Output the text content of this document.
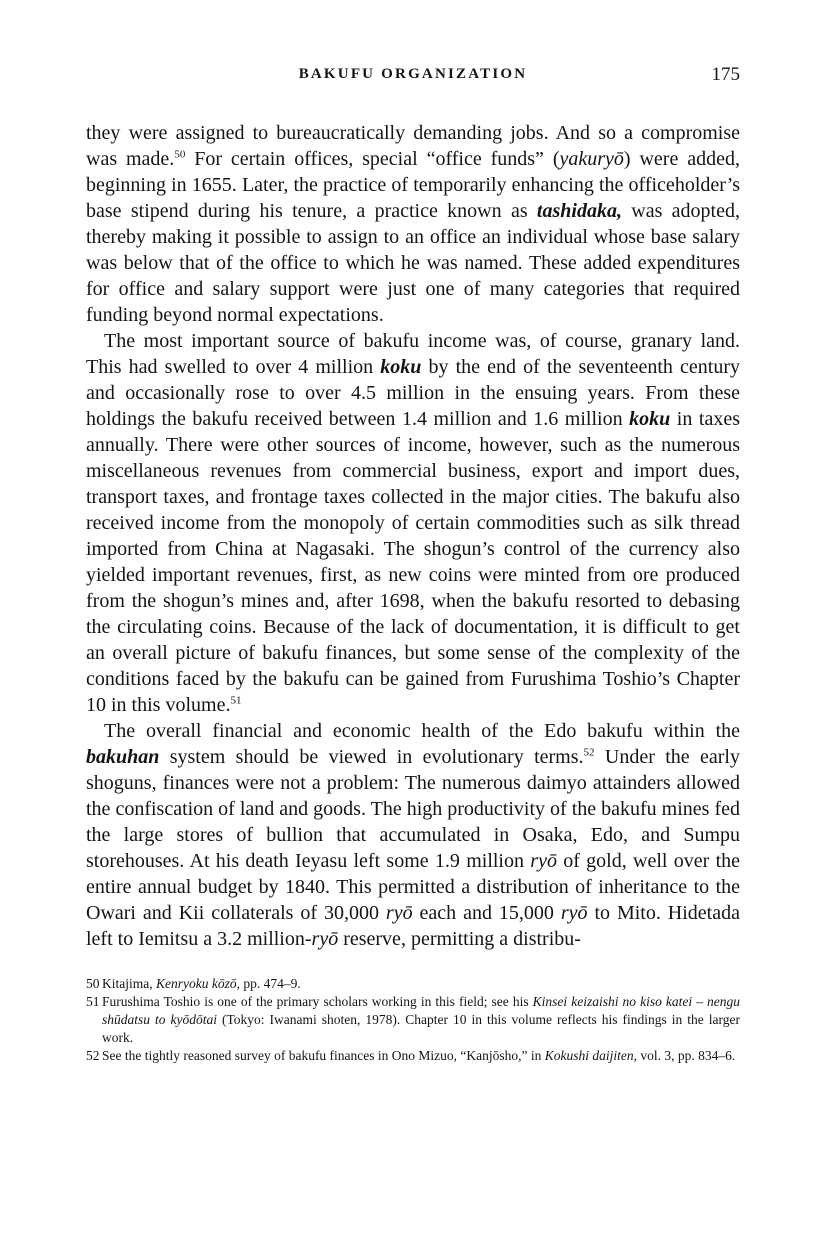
BAKUFU ORGANIZATION	175

they were assigned to bureaucratically demanding jobs. And so a compromise was made.$^{50}$ For certain offices, special “office funds” (yakuryō) were added, beginning in 1655. Later, the practice of temporarily enhancing the officeholder’s base stipend during his tenure, a practice known as tashidaka, was adopted, thereby making it possible to assign to an office an individual whose base salary was below that of the office to which he was named. These added expenditures for office and salary support were just one of many categories that required funding beyond normal expectations.

The most important source of bakufu income was, of course, granary land. This had swelled to over 4 million koku by the end of the seventeenth century and occasionally rose to over 4.5 million in the ensuing years. From these holdings the bakufu received between 1.4 million and 1.6 million koku in taxes annually. There were other sources of income, however, such as the numerous miscellaneous revenues from commercial business, export and import dues, transport taxes, and frontage taxes collected in the major cities. The bakufu also received income from the monopoly of certain commodities such as silk thread imported from China at Nagasaki. The shogun’s control of the currency also yielded important revenues, first, as new coins were minted from ore produced from the shogun’s mines and, after 1698, when the bakufu resorted to debasing the circulating coins. Because of the lack of documentation, it is difficult to get an overall picture of bakufu finances, but some sense of the complexity of the conditions faced by the bakufu can be gained from Furushima Toshio’s Chapter 10 in this volume.$^{51}$

The overall financial and economic health of the Edo bakufu within the bakuhan system should be viewed in evolutionary terms.$^{52}$ Under the early shoguns, finances were not a problem: The numerous daimyo attainders allowed the confiscation of land and goods. The high productivity of the bakufu mines fed the large stores of bullion that accumulated in Osaka, Edo, and Sumpu storehouses. At his death Ieyasu left some 1.9 million ryō of gold, well over the entire annual budget by 1840. This permitted a distribution of inheritance to the Owari and Kii collaterals of 30,000 ryō each and 15,000 ryō to Mito. Hidetada left to Iemitsu a 3.2 million-ryō reserve, permitting a distribu-

50 Kitajima, Kenryoku kōzō, pp. 474–9.
51 Furushima Toshio is one of the primary scholars working in this field; see his Kinsei keizaishi no kiso katei – nengu shūdatsu to kyōdōtai (Tokyo: Iwanami shoten, 1978). Chapter 10 in this volume reflects his findings in the larger work.
52 See the tightly reasoned survey of bakufu finances in Ono Mizuo, “Kanjōsho,” in Kokushi daijiten, vol. 3, pp. 834–6.
